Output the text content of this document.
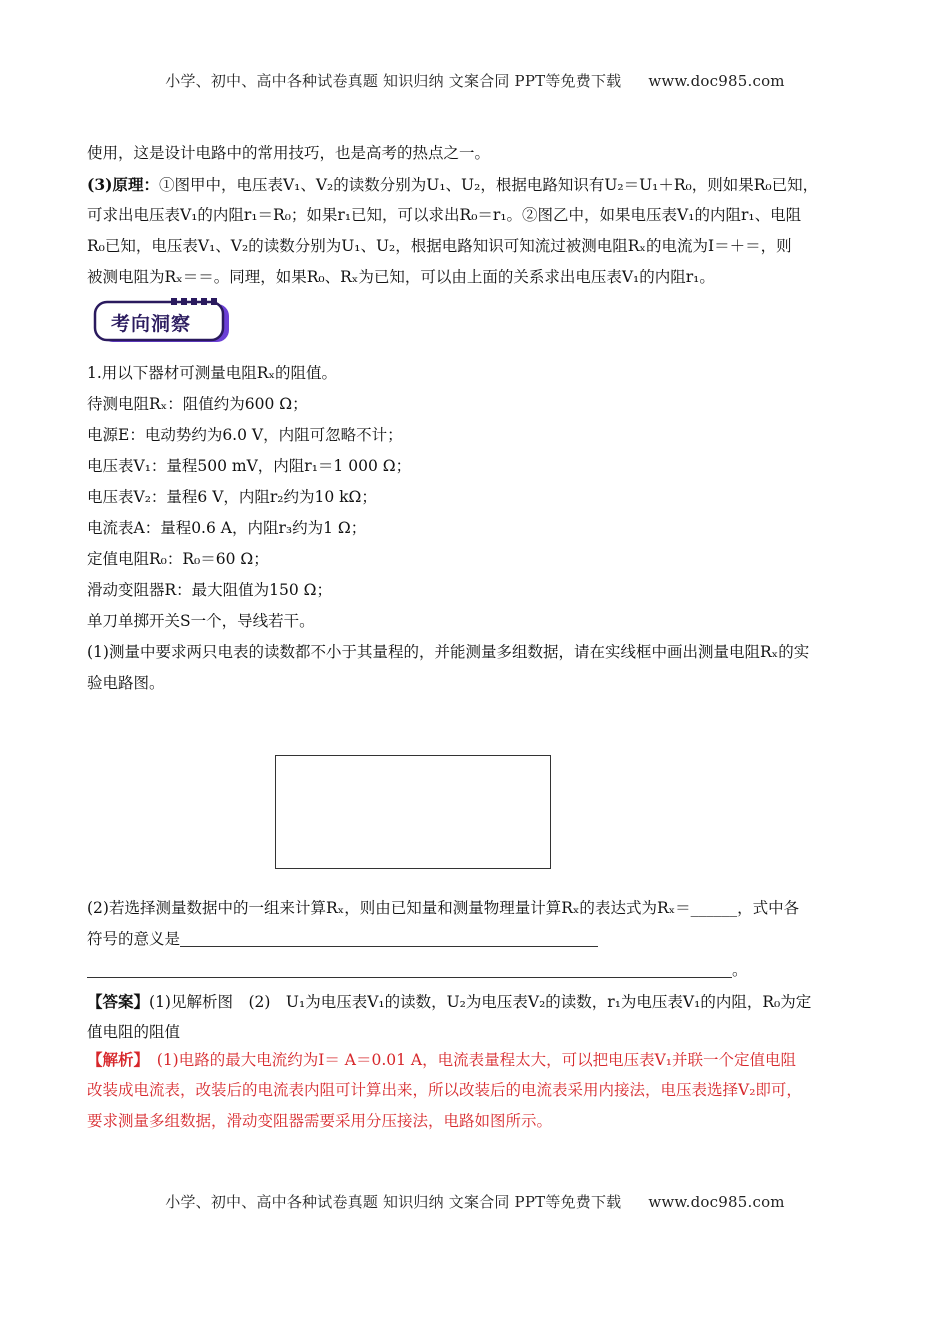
小学、初中、高中各种试卷真题 知识归纳 文案合同 PPT等免费下载 www.doc985.com
使用，这是设计电路中的常用技巧，也是高考的热点之一。
(3)原理：①图甲中，电压表V₁、V₂的读数分别为U₁、U₂，根据电路知识有U₂＝U₁＋R₀，则如果R₀已知，
可求出电压表V₁的内阻r₁＝R₀；如果r₁已知，可以求出R₀＝r₁。②图乙中，如果电压表V₁的内阻r₁、电阻
R₀已知，电压表V₁、V₂的读数分别为U₁、U₂，根据电路知识可知流过被测电阻Rₓ的电流为I＝＋＝，则
被测电阻为Rₓ＝＝。同理，如果R₀、Rₓ为已知，可以由上面的关系求出电压表V₁的内阻r₁。
考向洞察
1.用以下器材可测量电阻Rₓ的阻值。
待测电阻Rₓ：阻值约为600 Ω；
电源E：电动势约为6.0 V，内阻可忽略不计；
电压表V₁：量程500 mV，内阻r₁＝1 000 Ω；
电压表V₂：量程6 V，内阻r₂约为10 kΩ；
电流表A：量程0.6 A，内阻r₃约为1 Ω；
定值电阻R₀：R₀＝60 Ω；
滑动变阻器R：最大阻值为150 Ω；
单刀单掷开关S一个，导线若干。
(1)测量中要求两只电表的读数都不小于其量程的，并能测量多组数据，请在实线框中画出测量电阻Rₓ的实
验电路图。
(2)若选择测量数据中的一组来计算Rₓ，则由已知量和测量物理量计算Rₓ的表达式为Rₓ＝______，式中各
符号的意义是
。
【答案】(1)见解析图　(2)　U₁为电压表V₁的读数，U₂为电压表V₂的读数，r₁为电压表V₁的内阻，R₀为定
值电阻的阻值
【解析】　(1)电路的最大电流约为I＝ A＝0.01 A，电流表量程太大，可以把电压表V₁并联一个定值电阻
改装成电流表，改装后的电流表内阻可计算出来，所以改装后的电流表采用内接法，电压表选择V₂即可，
要求测量多组数据，滑动变阻器需要采用分压接法，电路如图所示。
小学、初中、高中各种试卷真题 知识归纳 文案合同 PPT等免费下载 www.doc985.com
